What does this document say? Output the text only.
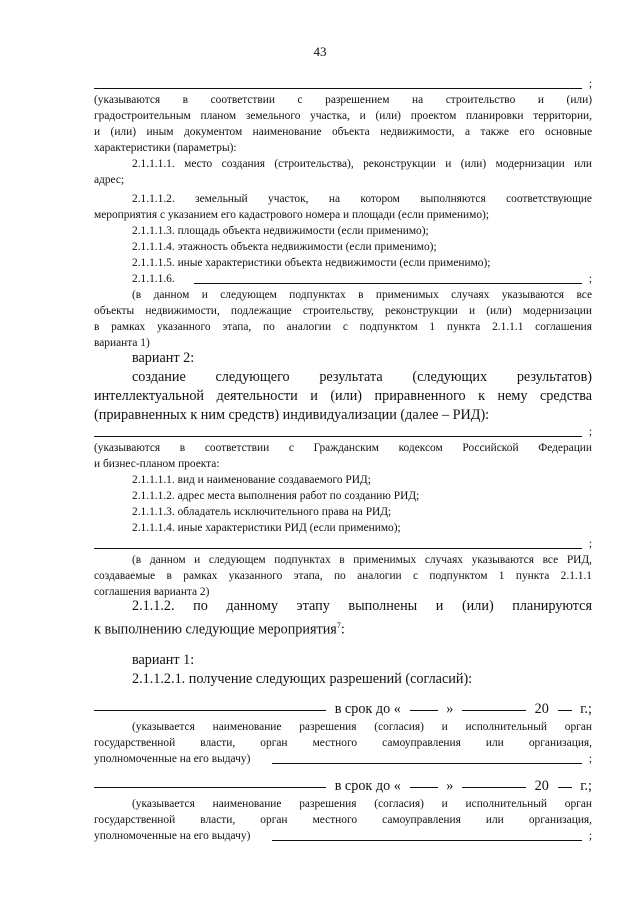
43
;
(указываются в соответствии с разрешением на строительство и (или)
градостроительным планом земельного участка, и (или) проектом планировки территории,
и (или) иным документом наименование объекта недвижимости, а также его основные
характеристики (параметры):
2.1.1.1.1. место создания (строительства), реконструкции и (или) модернизации или
адрес;
2.1.1.1.2. земельный участок, на котором выполняются соответствующие
мероприятия с указанием его кадастрового номера и площади (если применимо);
2.1.1.1.3. площадь объекта недвижимости (если применимо);
2.1.1.1.4. этажность объекта недвижимости (если применимо);
2.1.1.1.5. иные характеристики объекта недвижимости (если применимо);
2.1.1.1.6.	;
(в данном и следующем подпунктах в применимых случаях указываются все
объекты недвижимости, подлежащие строительству, реконструкции и (или) модернизации
в рамках указанного этапа, по аналогии с подпунктом 1 пункта 2.1.1.1 соглашения
варианта 1)
вариант 2:
создание следующего результата (следующих результатов)
интеллектуальной деятельности и (или) приравненного к нему средства
(приравненных к ним средств) индивидуализации (далее – РИД):
;
(указываются в соответствии с Гражданским кодексом Российской Федерации
и бизнес-планом проекта:
2.1.1.1.1. вид и наименование создаваемого РИД;
2.1.1.1.2. адрес места выполнения работ по созданию РИД;
2.1.1.1.3. обладатель исключительного права на РИД;
2.1.1.1.4. иные характеристики РИД (если применимо);
;
(в данном и следующем подпунктах в применимых случаях указываются все РИД,
создаваемые в рамках указанного этапа, по аналогии с подпунктом 1 пункта 2.1.1.1
соглашения варианта 2)
2.1.1.2. по данному этапу выполнены и (или) планируются
к выполнению следующие мероприятия$^7$:
вариант 1:
2.1.1.2.1. получение следующих разрешений (согласий):
в срок до «	»	20 г.;
(указывается наименование разрешения (согласия) и исполнительный орган
государственной власти, орган местного самоуправления или организация,
уполномоченные на его выдачу)	;
в срок до «	»	20 г.;
(указывается наименование разрешения (согласия) и исполнительный орган
государственной власти, орган местного самоуправления или организация,
уполномоченные на его выдачу)	;
